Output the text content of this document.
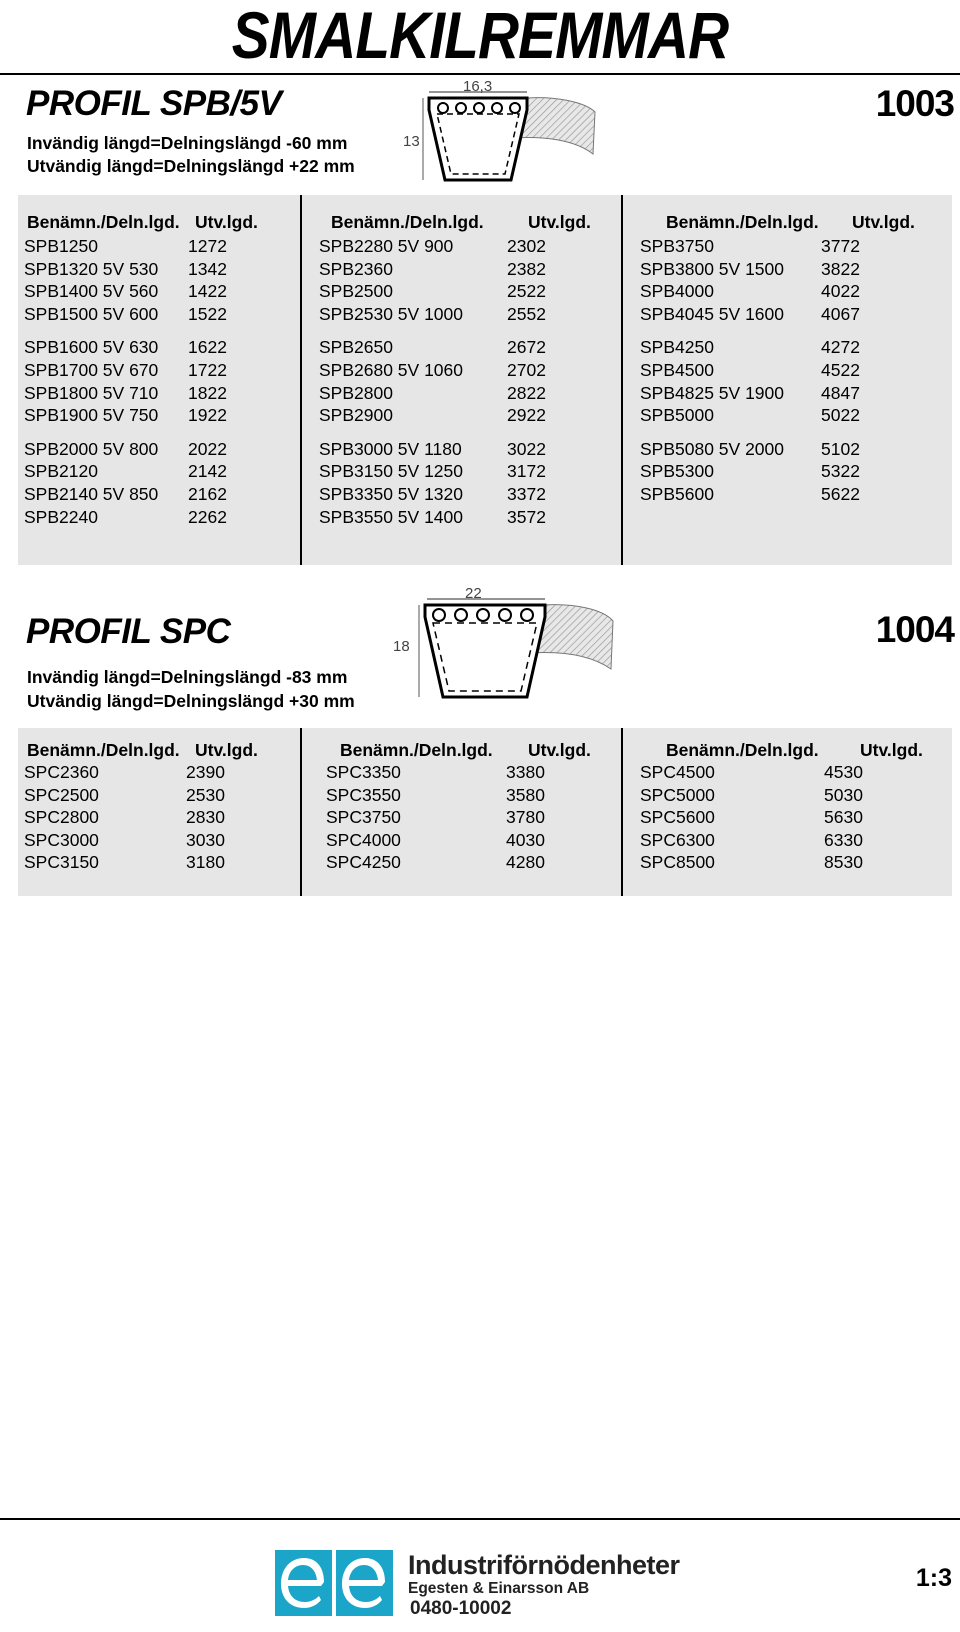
SMALKILREMMAR
PROFIL SPB/5V	1003
Invändig längd=Delningslängd -60 mm
Utvändig längd=Delningslängd +22 mm
16,3
13
Benämn./Deln.lgd. Utv.lgd.	Benämn./Deln.lgd.	Utv.lgd.	Benämn./Deln.lgd. Utv.lgd.
SPB1250	1272
SPB1320 5V 530 1342
SPB1400 5V 560 1422
SPB1500 5V 600 1522
SPB1600 5V 630 1622
SPB1700 5V 670 1722
SPB1800 5V 710 1822
SPB1900 5V 750 1922
SPB2000 5V 800 2022
SPB2120	2142
SPB2140 5V 850 2162
SPB2240	2262
SPB2280 5V 900	2302
SPB2360	2382
SPB2500	2522
SPB2530 5V 1000	2552
SPB2650	2672
SPB2680 5V 1060	2702
SPB2800	2822
SPB2900	2922
SPB3000 5V 1180	3022
SPB3150 5V 1250	3172
SPB3350 5V 1320	3372
SPB3550 5V 1400	3572
SPB3750	3772
SPB3800 5V 1500 3822
SPB4000	4022
SPB4045 5V 1600 4067
SPB4250	4272
SPB4500	4522
SPB4825 5V 1900 4847
SPB5000	5022
SPB5080 5V 2000 5102
SPB5300	5322
SPB5600	5622
22
18
PROFIL SPC	1004
Invändig längd=Delningslängd -83 mm
Utvändig längd=Delningslängd +30 mm
Benämn./Deln.lgd. Utv.lgd.	Benämn./Deln.lgd. Utv.lgd.	Benämn./Deln.lgd. Utv.lgd.
SPC2360	2390
SPC2500	2530
SPC2800	2830
SPC3000	3030
SPC3150	3180
SPC3350	3380
SPC3550	3580
SPC3750	3780
SPC4000	4030
SPC4250	4280
SPC4500	4530
SPC5000	5030
SPC5600	5630
SPC6300	6330
SPC8500	8530
Industriförnödenheter
Egesten & Einarsson AB
0480-10002
1:3
